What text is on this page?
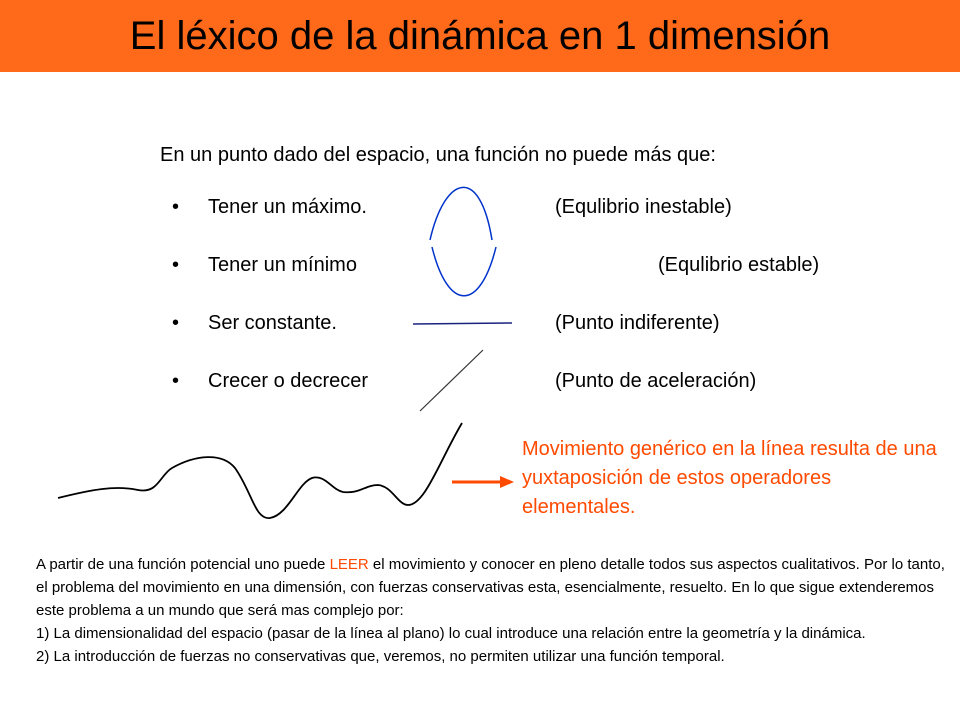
El léxico de la dinámica en 1 dimensión
En un punto dado del espacio, una función no puede más que:
• Tener un máximo.
• Tener un mínimo
• Ser constante.
• Crecer o decrecer
(Equlibrio inestable)
(Equlibrio estable)
(Punto indiferente)
(Punto de aceleración)
Movimiento genérico en la línea resulta de una yuxtaposición de estos operadores elementales.

A partir de una función potencial uno puede LEER el movimiento y conocer en pleno detalle todos sus aspectos cualitativos. Por lo tanto, el problema del movimiento en una dimensión, con fuerzas conservativas esta, esencialmente, resuelto. En lo que sigue extenderemos este problema a un mundo que será mas complejo por:

1) La dimensionalidad del espacio (pasar de la línea al plano) lo cual introduce una relación entre la geometría y la dinámica.

2) La introducción de fuerzas no conservativas que, veremos, no permiten utilizar una función temporal.
